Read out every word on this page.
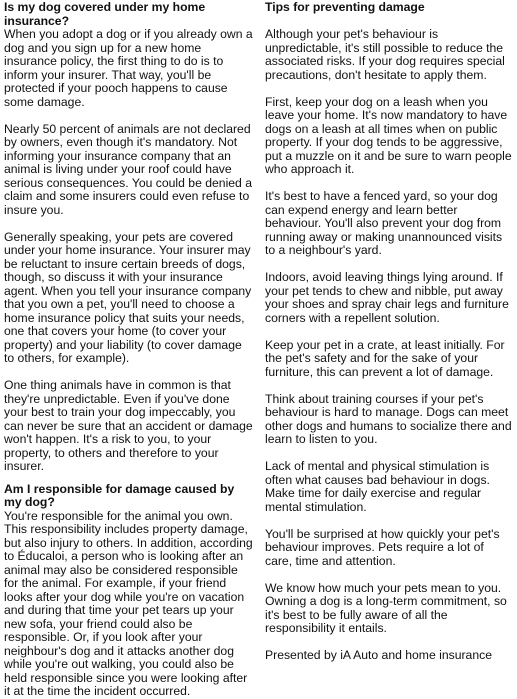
Is my dog covered under my home insurance?

When you adopt a dog or if you already own a dog and you sign up for a new home insurance policy, the first thing to do is to inform your insurer. That way, you'll be protected if your pooch happens to cause some damage.

Nearly 50 percent of animals are not declared by owners, even though it's mandatory. Not informing your insurance company that an animal is living under your roof could have serious consequences. You could be denied a claim and some insurers could even refuse to insure you.

Generally speaking, your pets are covered under your home insurance. Your insurer may be reluctant to insure certain breeds of dogs, though, so discuss it with your insurance agent. When you tell your insurance company that you own a pet, you'll need to choose a home insurance policy that suits your needs, one that covers your home (to cover your property) and your liability (to cover damage to others, for example).

One thing animals have in common is that they're unpredictable. Even if you've done your best to train your dog impeccably, you can never be sure that an accident or damage won't happen. It's a risk to you, to your property, to others and therefore to your insurer.

Am I responsible for damage caused by my dog?

You're responsible for the animal you own. This responsibility includes property damage, but also injury to others. In addition, according to Éducaloi, a person who is looking after an animal may also be considered responsible for the animal. For example, if your friend looks after your dog while you're on vacation and during that time your pet tears up your new sofa, your friend could also be responsible. Or, if you look after your neighbour's dog and it attacks another dog while you're out walking, you could also be held responsible since you were looking after it at the time the incident occurred.

Tips for preventing damage

Although your pet's behaviour is unpredictable, it's still possible to reduce the associated risks. If your dog requires special precautions, don't hesitate to apply them.

First, keep your dog on a leash when you leave your home. It's now mandatory to have dogs on a leash at all times when on public property. If your dog tends to be aggressive, put a muzzle on it and be sure to warn people who approach it.

It's best to have a fenced yard, so your dog can expend energy and learn better behaviour. You'll also prevent your dog from running away or making unannounced visits to a neighbour's yard.

Indoors, avoid leaving things lying around. If your pet tends to chew and nibble, put away your shoes and spray chair legs and furniture corners with a repellent solution.

Keep your pet in a crate, at least initially. For the pet's safety and for the sake of your furniture, this can prevent a lot of damage.

Think about training courses if your pet's behaviour is hard to manage. Dogs can meet other dogs and humans to socialize there and learn to listen to you.

Lack of mental and physical stimulation is often what causes bad behaviour in dogs. Make time for daily exercise and regular mental stimulation.

You'll be surprised at how quickly your pet's behaviour improves. Pets require a lot of care, time and attention.

We know how much your pets mean to you. Owning a dog is a long-term commitment, so it's best to be fully aware of all the responsibility it entails.

Presented by iA Auto and home insurance
